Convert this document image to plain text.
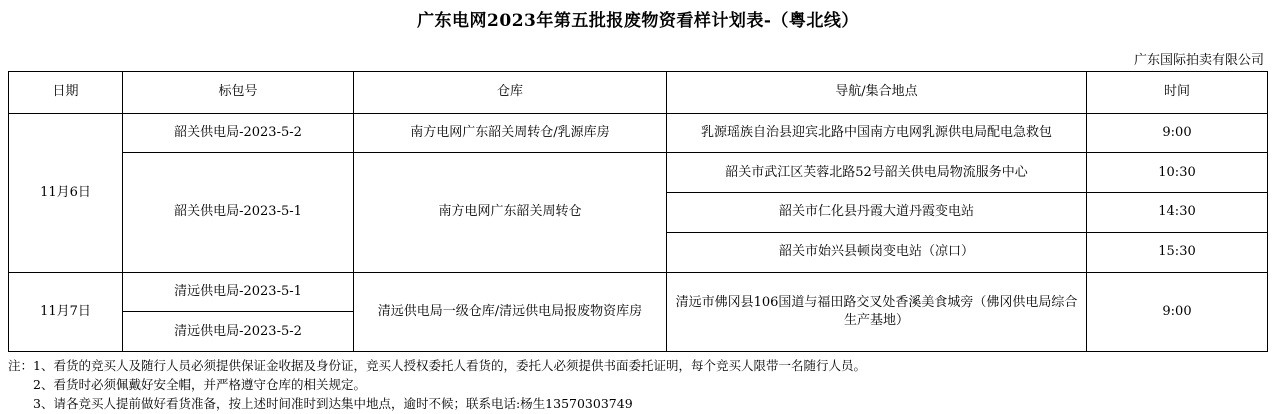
广东电网2023年第五批报废物资看样计划表-（粤北线）
广东国际拍卖有限公司
日期	标包号	仓库	导航/集合地点	时间
11月6日	韶关供电局-2023-5-2	南方电网广东韶关周转仓/乳源库房	乳源瑶族自治县迎宾北路中国南方电网乳源供电局配电急救包	9:00
	韶关供电局-2023-5-1	南方电网广东韶关周转仓	韶关市武江区芙蓉北路52号韶关供电局物流服务中心	10:30
			韶关市仁化县丹霞大道丹霞变电站	14:30
			韶关市始兴县顿岗变电站（凉口）	15:30
11月7日	清远供电局-2023-5-1	清远供电局一级仓库/清远供电局报废物资库房	清远市佛冈县106国道与福田路交叉处香溪美食城旁（佛冈供电局综合生产基地）	9:00
	清远供电局-2023-5-2			
注：1、看货的竞买人及随行人员必须提供保证金收据及身份证，竞买人授权委托人看货的，委托人必须提供书面委托证明，每个竞买人限带一名随行人员。
2、看货时必须佩戴好安全帽，并严格遵守仓库的相关规定。
3、请各竞买人提前做好看货准备，按上述时间准时到达集中地点，逾时不候；联系电话:杨生13570303749
